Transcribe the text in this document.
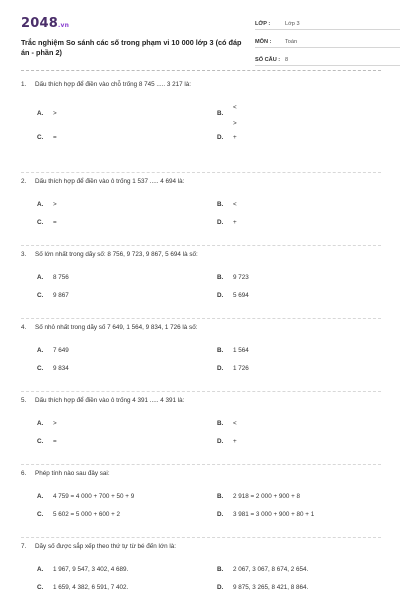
2048.vn
Trắc nghiệm So sánh các số trong phạm vi 10 000 lớp 3 (có đáp án - phần 2)
LỚP :	Lớp 3
MÔN :	Toán
SỐ CÂU : 8
1.	Dấu thích hợp để điền vào chỗ trống 8 745 ..... 3 217 là:
A.	>	B.
<
>
C.	=	D.	+
2.	Dấu thích hợp để điền vào ô trống 1 537 ..... 4 694 là:
A.	>	B.	<
C.	=	D.	+
3.	Số lớn nhất trong dãy số: 8 756, 9 723, 9 867, 5 694 là số:
A.	8 756	B.	9 723
C.	9 867	D.	5 694
4.	Số nhỏ nhất trong dãy số 7 649, 1 564, 9 834, 1 726 là số:
A.	7 649	B.	1 564
C.	9 834	D.	1 726
5.	Dấu thích hợp để điền vào ô trống 4 391 ..... 4 391 là:
A.	>	B.	<
C.	=	D.	+
6.	Phép tính nào sau đây sai:
A.	4 759 = 4 000 + 700 + 50 + 9	B.	2 918 = 2 000 + 900 + 8
C.	5 602 = 5 000 + 600 + 2	D.	3 981 = 3 000 + 900 + 80 + 1
7.	Dãy số được sắp xếp theo thứ tự từ bé đến lớn là:
A.	1 967, 9 547, 3 402, 4 689.	B.	2 067, 3 067, 8 674, 2 654.
C.	1 659, 4 382, 6 591, 7 402.	D.	9 875, 3 265, 8 421, 8 864.
